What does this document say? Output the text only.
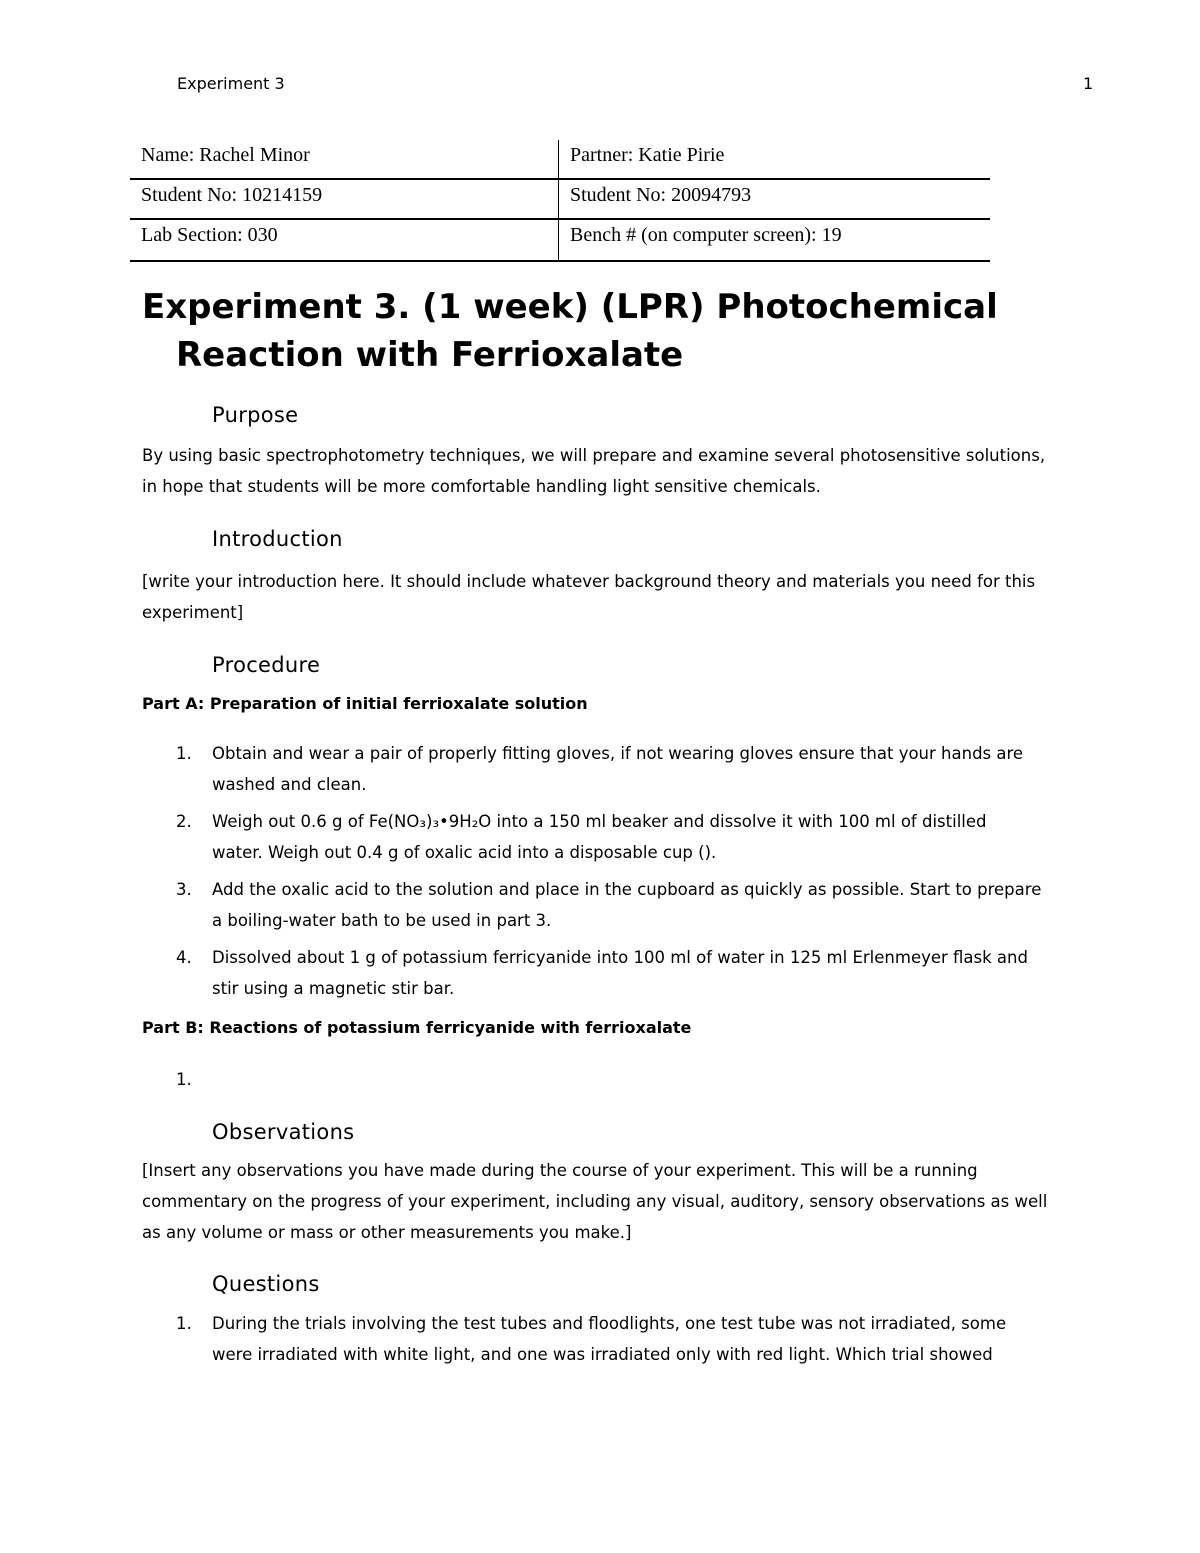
Experiment 3	1
Name: Rachel Minor	Partner: Katie Pirie
Student No: 10214159	Student No: 20094793
Lab Section: 030	Bench # (on computer screen): 19
Experiment 3. (1 week) (LPR) Photochemical
Reaction with Ferrioxalate
Purpose

By using basic spectrophotometry techniques, we will prepare and examine several photosensitive solutions, in hope that students will be more comfortable handling light sensitive chemicals.

Introduction

[write your introduction here. It should include whatever background theory and materials you need for this experiment]

Procedure

Part A: Preparation of initial ferrioxalate solution

1. Obtain and wear a pair of properly fitting gloves, if not wearing gloves ensure that your hands are washed and clean.
2. Weigh out 0.6 g of Fe(NO₃)₃•9H₂O into a 150 ml beaker and dissolve it with 100 ml of distilled water. Weigh out 0.4 g of oxalic acid into a disposable cup ().
3. Add the oxalic acid to the solution and place in the cupboard as quickly as possible. Start to prepare a boiling-water bath to be used in part 3.
4. Dissolved about 1 g of potassium ferricyanide into 100 ml of water in 125 ml Erlenmeyer flask and stir using a magnetic stir bar.

Part B: Reactions of potassium ferricyanide with ferrioxalate

1.
Observations

[Insert any observations you have made during the course of your experiment. This will be a running commentary on the progress of your experiment, including any visual, auditory, sensory observations as well as any volume or mass or other measurements you make.]

Questions
1. During the trials involving the test tubes and floodlights, one test tube was not irradiated, some were irradiated with white light, and one was irradiated only with red light. Which trial showed
